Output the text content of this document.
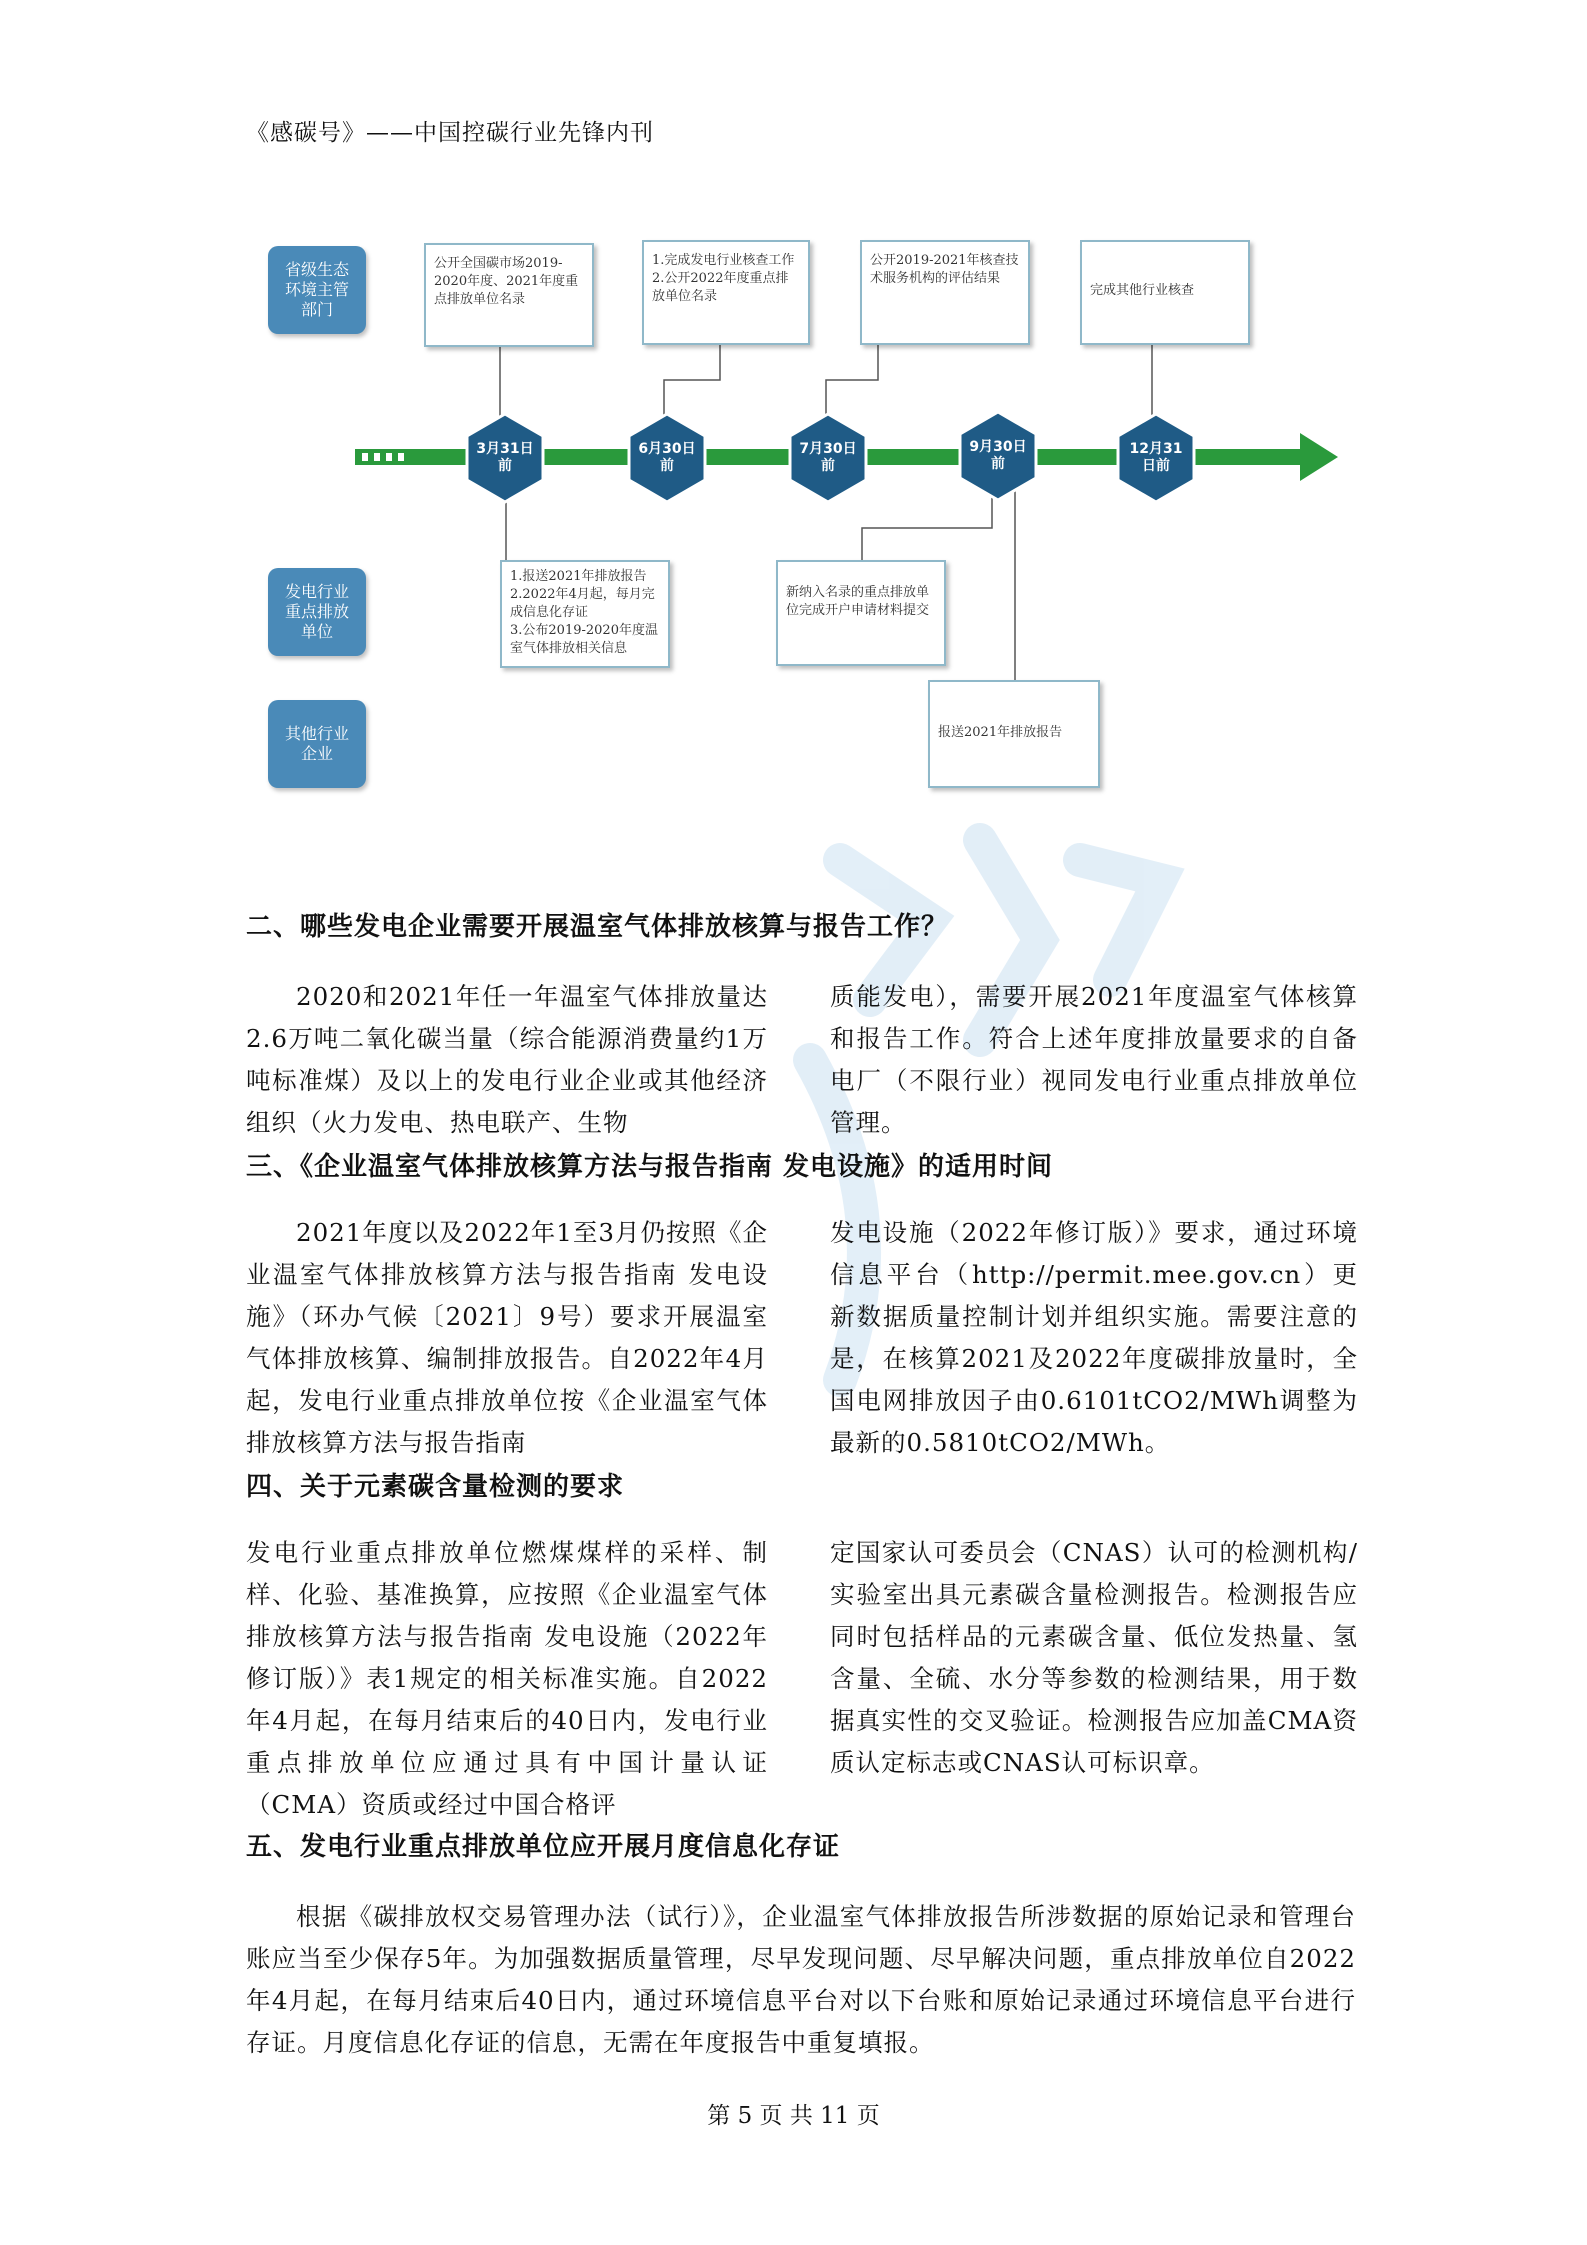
《感碳号》——中国控碳行业先锋内刊
3月31日
前
6月30日
前
7月30日
前
9月30日
前
12月31
日前
省级生态
环境主管
部门
发电行业
重点排放
单位
其他行业
企业
公开全国碳市场2019-2020年度、2021年度重点排放单位名录
1.完成发电行业核查工作
2.公开2022年度重点排放单位名录
公开2019-2021年核查技术服务机构的评估结果
完成其他行业核查
1.报送2021年排放报告
2.2022年4月起，每月完成信息化存证
3.公布2019-2020年度温室气体排放相关信息
新纳入名录的重点排放单位完成开户申请材料提交
报送2021年排放报告
二、哪些发电企业需要开展温室气体排放核算与报告工作？
2020和2021年任一年温室气体排放量达2.6万吨二氧化碳当量（综合能源消费量约1万吨标准煤）及以上的发电行业企业或其他经济组织（火力发电、热电联产、生物
质能发电），需要开展2021年度温室气体核算和报告工作。符合上述年度排放量要求的自备电厂（不限行业）视同发电行业重点排放单位管理。
三、《企业温室气体排放核算方法与报告指南 发电设施》的适用时间
2021年度以及2022年1至3月仍按照《企业温室气体排放核算方法与报告指南 发电设施》（环办气候〔2021〕9号）要求开展温室气体排放核算、编制排放报告。自2022年4月起，发电行业重点排放单位按《企业温室气体排放核算方法与报告指南
发电设施（2022年修订版）》要求，通过环境信息平台（http://permit.mee.gov.cn）更新数据质量控制计划并组织实施。需要注意的是，在核算2021及2022年度碳排放量时，全国电网排放因子由0.6101tCO2/MWh调整为最新的0.5810tCO2/MWh。
四、关于元素碳含量检测的要求
发电行业重点排放单位燃煤煤样的采样、制样、化验、基准换算，应按照《企业温室气体排放核算方法与报告指南 发电设施（2022年修订版）》表1规定的相关标准实施。自2022年4月起，在每月结束后的40日内，发电行业重点排放单位应通过具有中国计量认证（CMA）资质或经过中国合格评
定国家认可委员会（CNAS）认可的检测机构/实验室出具元素碳含量检测报告。检测报告应同时包括样品的元素碳含量、低位发热量、氢含量、全硫、水分等参数的检测结果，用于数据真实性的交叉验证。检测报告应加盖CMA资质认定标志或CNAS认可标识章。
五、发电行业重点排放单位应开展月度信息化存证
根据《碳排放权交易管理办法（试行）》，企业温室气体排放报告所涉数据的原始记录和管理台账应当至少保存5年。为加强数据质量管理，尽早发现问题、尽早解决问题，重点排放单位自2022年4月起，在每月结束后40日内，通过环境信息平台对以下台账和原始记录通过环境信息平台进行存证。月度信息化存证的信息，无需在年度报告中重复填报。
第 5 页 共 11 页
